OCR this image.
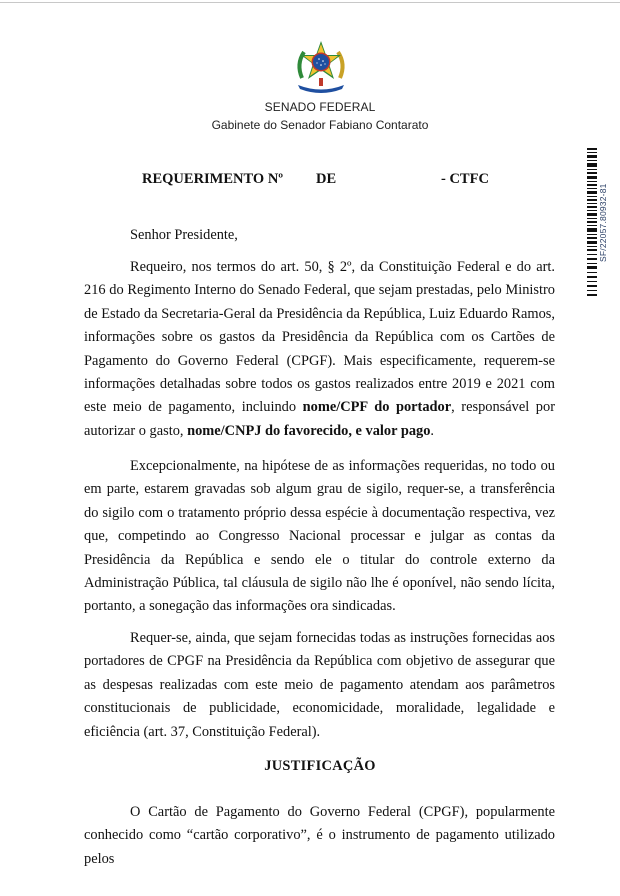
SENADO FEDERAL
Gabinete do Senador Fabiano Contarato
REQUERIMENTO Nº DE	- CTFC
SF/22057.80932-81
Senhor Presidente,

Requeiro, nos termos do art. 50, § 2º, da Constituição Federal e do art. 216 do Regimento Interno do Senado Federal, que sejam prestadas, pelo Ministro de Estado da Secretaria-Geral da Presidência da República, Luiz Eduardo Ramos, informações sobre os gastos da Presidência da República com os Cartões de Pagamento do Governo Federal (CPGF). Mais especificamente, requerem-se informações detalhadas sobre todos os gastos realizados entre 2019 e 2021 com este meio de pagamento, incluindo nome/CPF do portador, responsável por autorizar o gasto, nome/CNPJ do favorecido, e valor pago.

Excepcionalmente, na hipótese de as informações requeridas, no todo ou em parte, estarem gravadas sob algum grau de sigilo, requer-se, a transferência do sigilo com o tratamento próprio dessa espécie à documentação respectiva, vez que, competindo ao Congresso Nacional processar e julgar as contas da Presidência da República e sendo ele o titular do controle externo da Administração Pública, tal cláusula de sigilo não lhe é oponível, não sendo lícita, portanto, a sonegação das informações ora sindicadas.

Requer-se, ainda, que sejam fornecidas todas as instruções fornecidas aos portadores de CPGF na Presidência da República com objetivo de assegurar que as despesas realizadas com este meio de pagamento atendam aos parâmetros constitucionais de publicidade, economicidade, moralidade, legalidade e eficiência (art. 37, Constituição Federal).

JUSTIFICAÇÃO

O Cartão de Pagamento do Governo Federal (CPGF), popularmente conhecido como “cartão corporativo”, é o instrumento de pagamento utilizado pelos
